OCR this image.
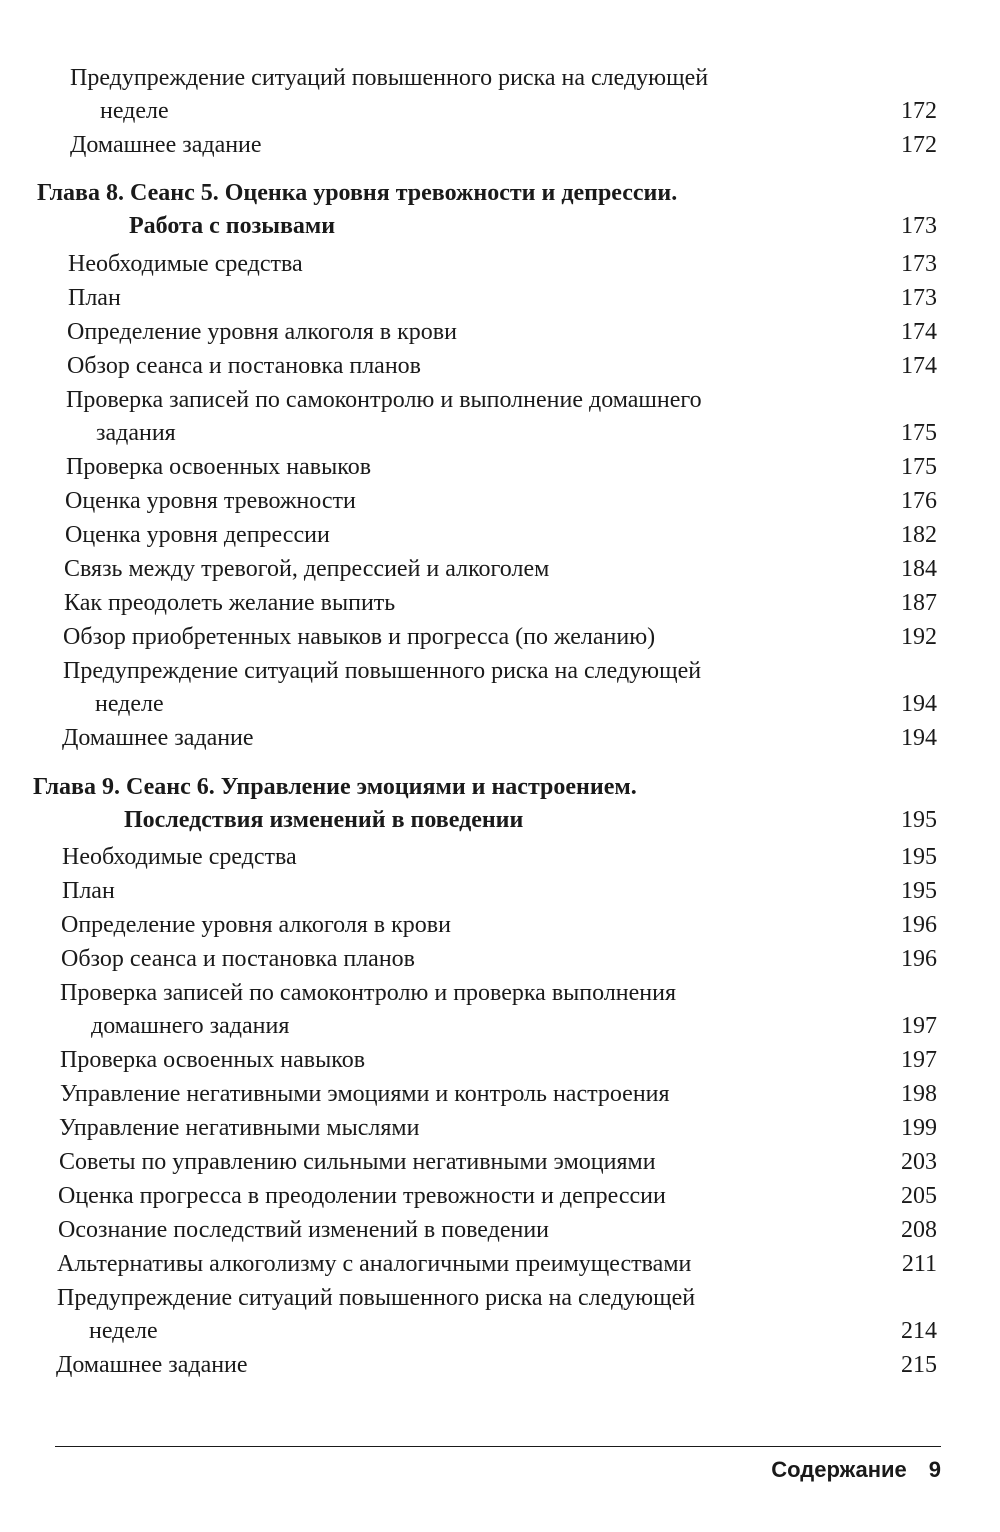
Предупреждение ситуаций повышенного риска на следующей
неделе	172
Домашнее задание	172
Глава 8. Сеанс 5. Оценка уровня тревожности и депрессии.
Работа с позывами	173
Необходимые средства	173
План	173
Определение уровня алкоголя в крови	174
Обзор сеанса и постановка планов	174
Проверка записей по самоконтролю и выполнение домашнего
задания	175
Проверка освоенных навыков	175
Оценка уровня тревожности	176
Оценка уровня депрессии	182
Связь между тревогой, депрессией и алкоголем	184
Как преодолеть желание выпить	187
Обзор приобретенных навыков и прогресса (по желанию)	192
Предупреждение ситуаций повышенного риска на следующей
неделе	194
Домашнее задание	194
Глава 9. Сеанс 6. Управление эмоциями и настроением.
Последствия изменений в поведении	195
Необходимые средства	195
План	195
Определение уровня алкоголя в крови	196
Обзор сеанса и постановка планов	196
Проверка записей по самоконтролю и проверка выполнения
домашнего задания	197
Проверка освоенных навыков	197
Управление негативными эмоциями и контроль настроения	198
Управление негативными мыслями	199
Советы по управлению сильными негативными эмоциями	203
Оценка прогресса в преодолении тревожности и депрессии	205
Осознание последствий изменений в поведении	208
Альтернативы алкоголизму с аналогичными преимуществами	211
Предупреждение ситуаций повышенного риска на следующей
неделе	214
Домашнее задание	215
Содержание 9
